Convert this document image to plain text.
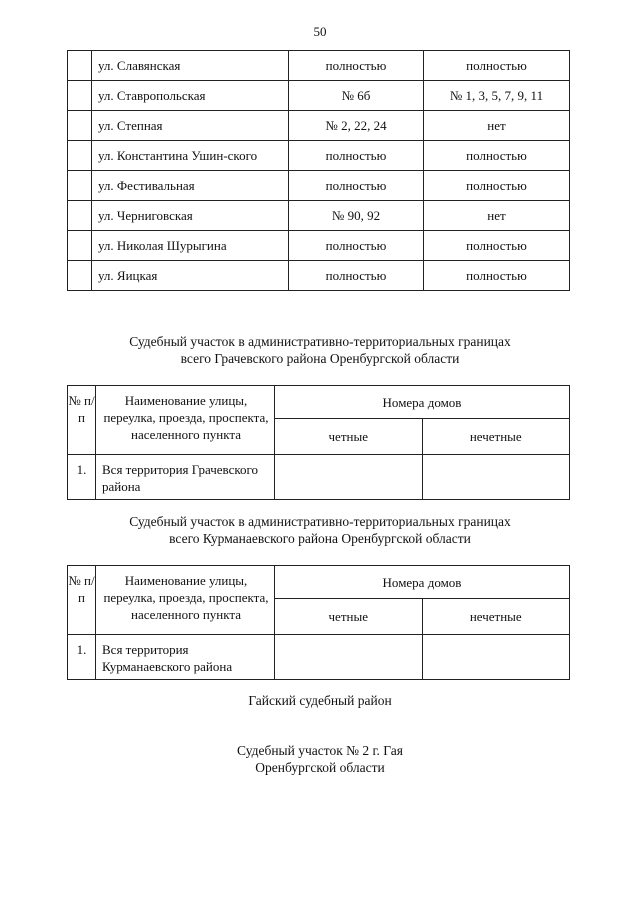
50
	ул. Славянская	полностью	полностью
	ул. Ставропольская	№ 6б	№ 1, 3, 5, 7, 9, 11
	ул. Степная	№ 2, 22, 24	нет
	ул. Константина Ушин-ского	полностью	полностью
	ул. Фестивальная	полностью	полностью
	ул. Черниговская	№ 90, 92	нет
	ул. Николая Шурыгина	полностью	полностью
	ул. Яицкая	полностью	полностью
Судебный участок в административно-территориальных границах
всего Грачевского района Оренбургской области
№ п/п	Наименование улицы, переулка, проезда, проспекта, населенного пункта	Номера домов	
		четные	нечетные
1.	Вся территория Грачевского района		
Судебный участок в административно-территориальных границах
всего Курманаевского района Оренбургской области
№ п/п	Наименование улицы, переулка, проезда, проспекта, населенного пункта	Номера домов	
		четные	нечетные
1.	Вся территория Курманаевского района		
Гайский судебный район
Судебный участок № 2 г. Гая
Оренбургской области
